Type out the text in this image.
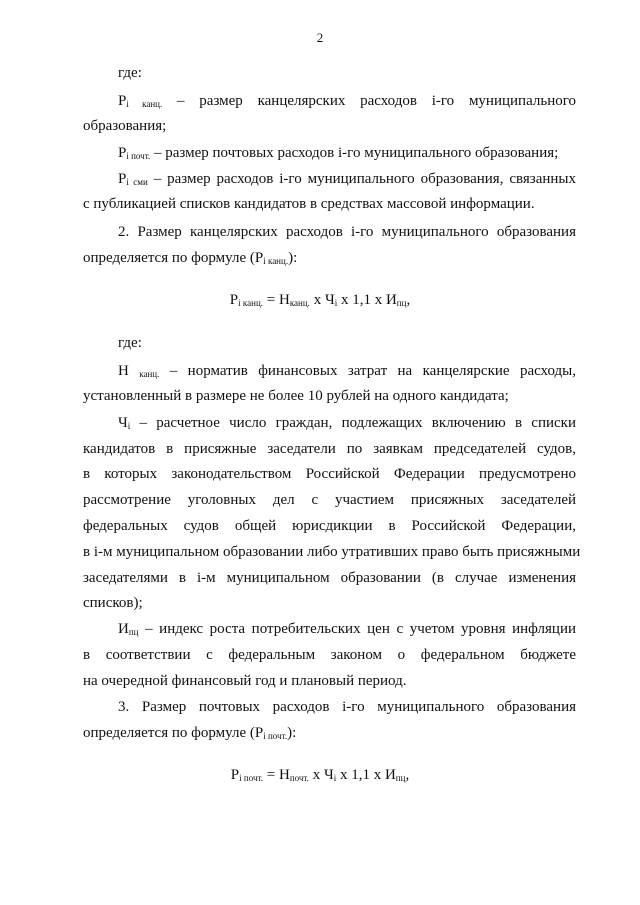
2
где:
$Р_{i канц.}$ – размер канцелярских расходов i-го муниципального
образования;
$Р_{i почт.}$ – размер почтовых расходов i-го муниципального образования;
$Р_{i сми}$ – размер расходов i-го муниципального образования, связанных
с публикацией списков кандидатов в средствах массовой информации.
2. Размер канцелярских расходов i-го муниципального образования
определяется по формуле $(Р_{i канц.})$:
$Р_{i канц.} = Н_{канц.}$ х $Ч_i$ х 1,1 х $И_{пц}$,
где:
Н $_{канц.}$ – норматив финансовых затрат на канцелярские расходы,
установленный в размере не более 10 рублей на одного кандидата;
$Ч_i$ – расчетное число граждан, подлежащих включению в списки
кандидатов в присяжные заседатели по заявкам председателей судов,
в которых законодательством Российской Федерации предусмотрено
рассмотрение уголовных дел с участием присяжных заседателей
федеральных судов общей юрисдикции в Российской Федерации,
в i-м муниципальном образовании либо утративших право быть присяжными
заседателями в i-м муниципальном образовании (в случае изменения
списков);
$И_{пц}$ – индекс роста потребительских цен с учетом уровня инфляции
в соответствии с федеральным законом о федеральном бюджете
на очередной финансовый год и плановый период.
3. Размер почтовых расходов i-го муниципального образования
определяется по формуле $(Р_{i почт.})$:
$Р_{i почт.} = Н_{почт.}$ х $Ч_i$ х 1,1 х $И_{пц}$,
